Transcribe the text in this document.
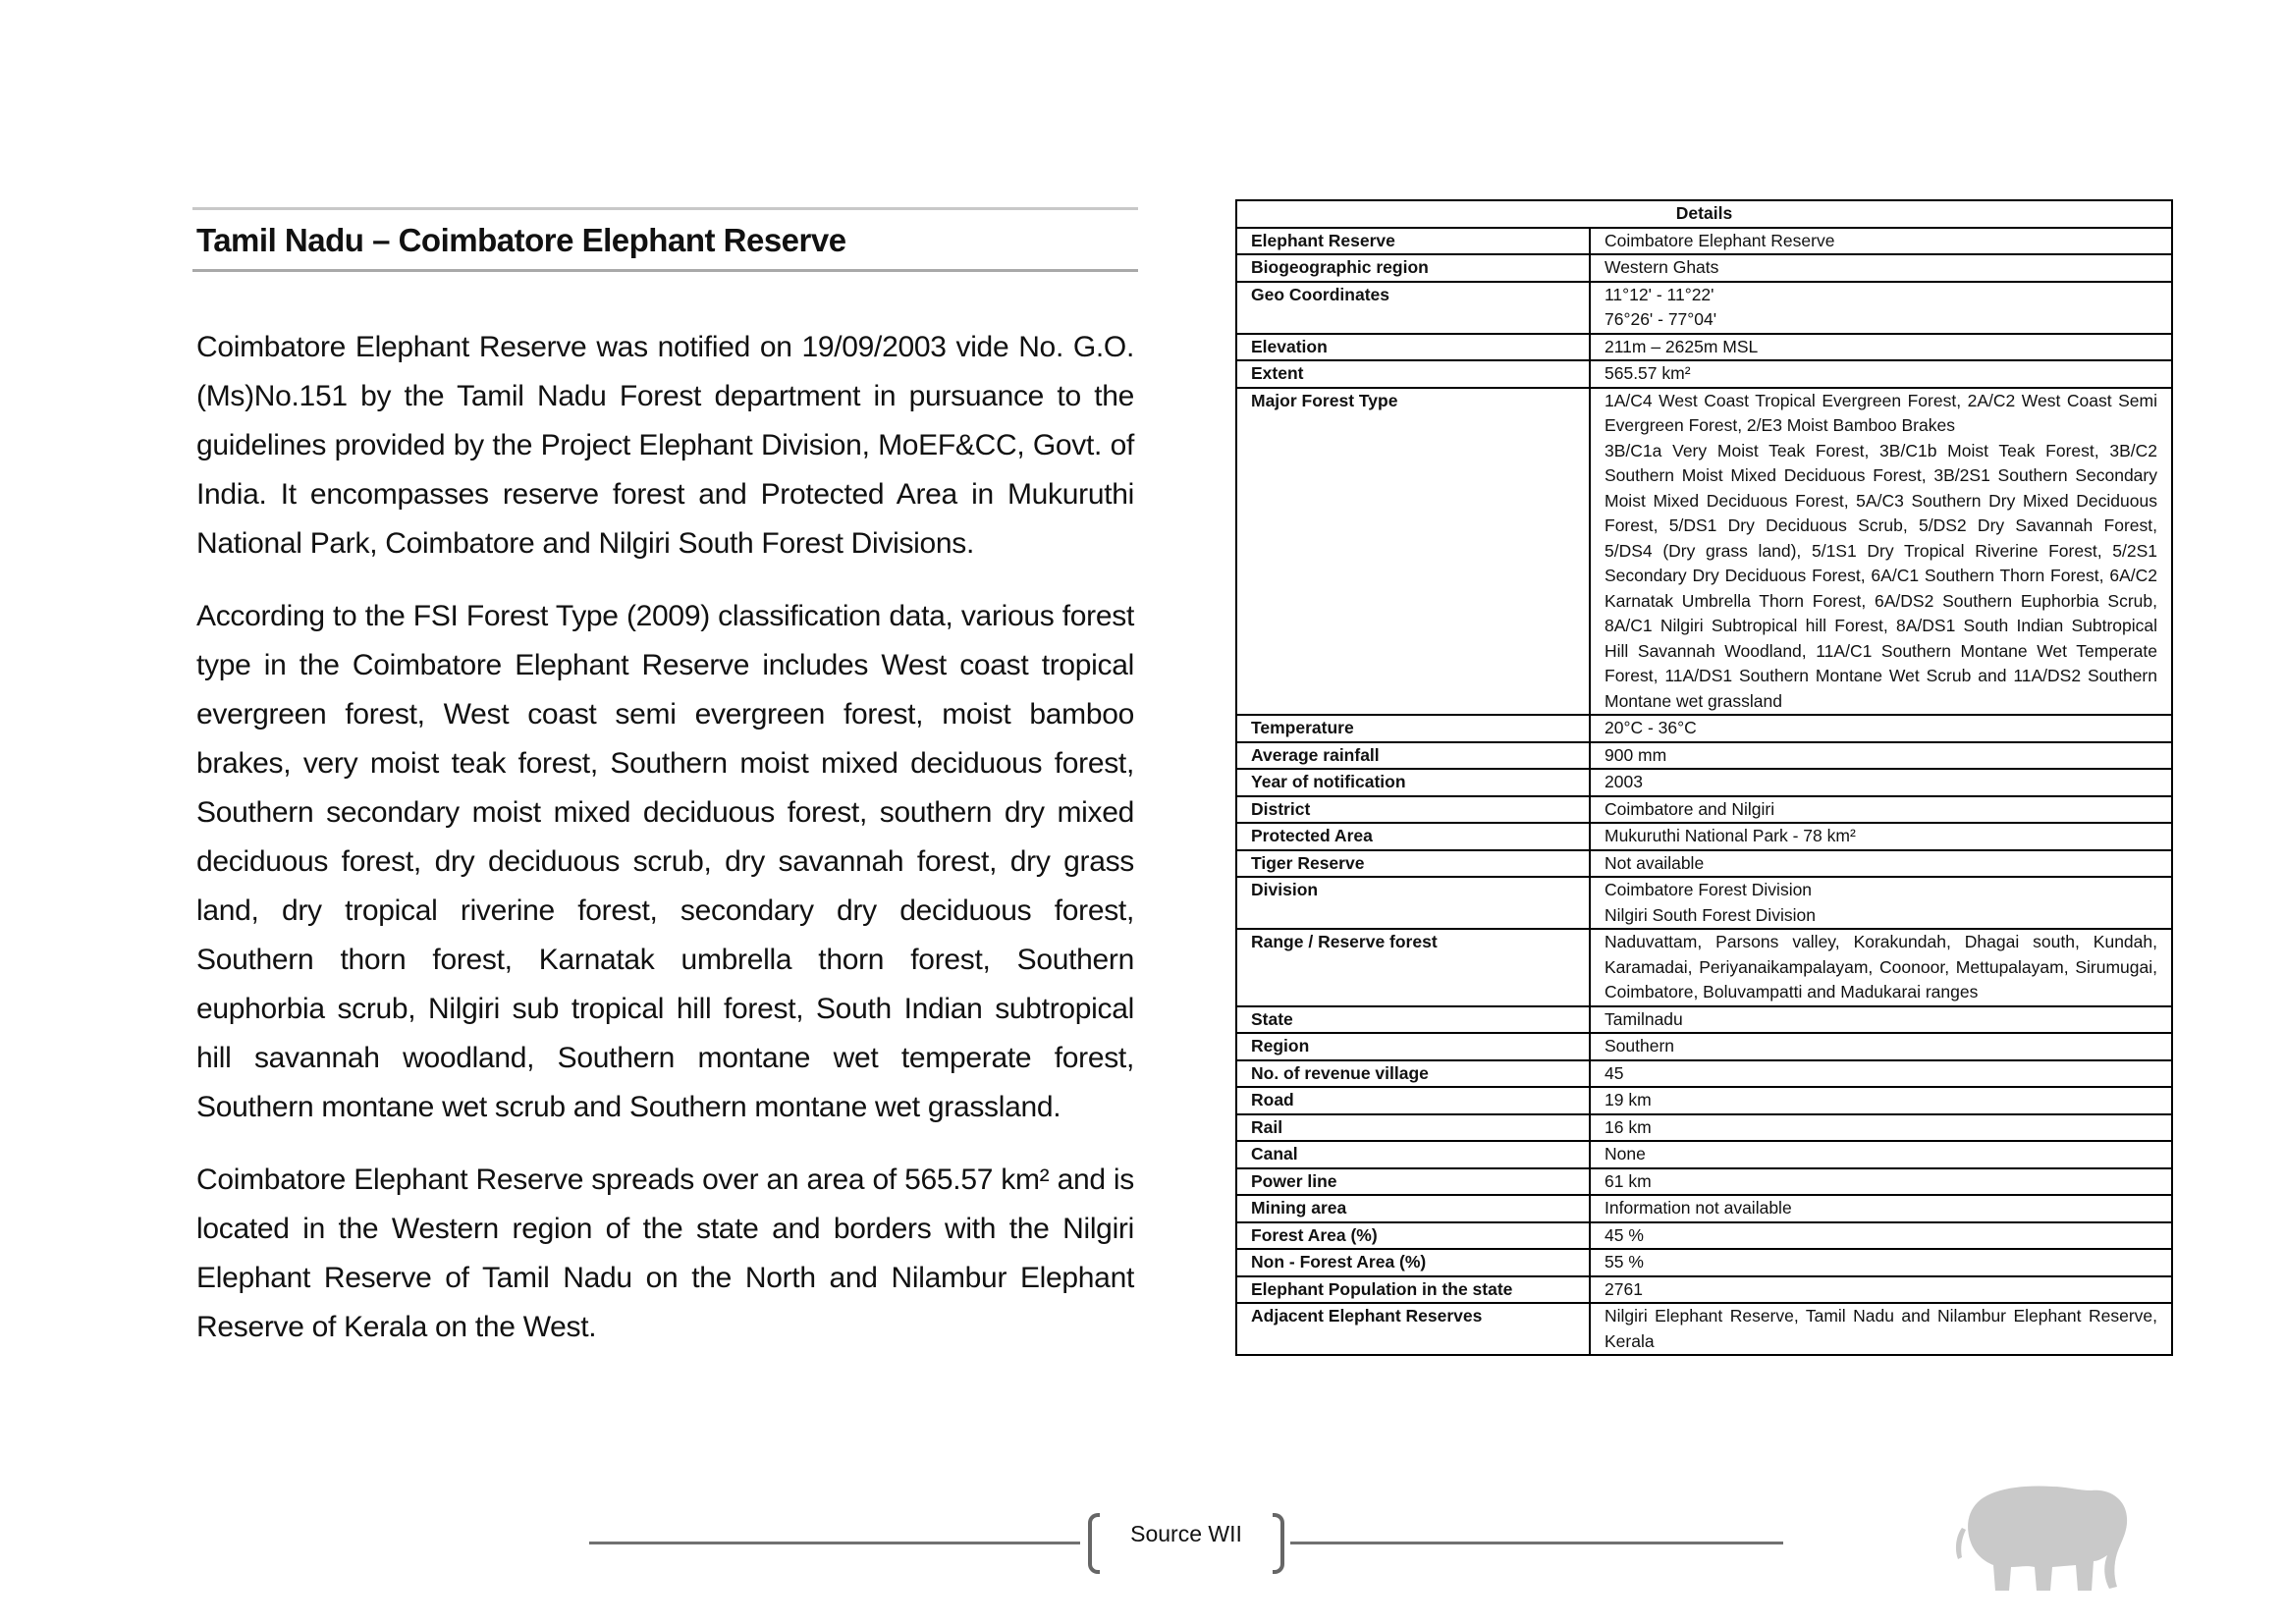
Tamil Nadu – Coimbatore Elephant Reserve

Coimbatore Elephant Reserve was notified on 19/09/2003 vide No. G.O.(Ms)No.151 by the Tamil Nadu Forest department in pursuance to the guidelines provided by the Project Elephant Division, MoEF&CC, Govt. of India. It encompasses reserve forest and Protected Area in Mukuruthi National Park, Coimbatore and Nilgiri South Forest Divisions.

According to the FSI Forest Type (2009) classification data, various forest type in the Coimbatore Elephant Reserve includes West coast tropical evergreen forest, West coast semi evergreen forest, moist bamboo brakes, very moist teak forest, Southern moist mixed deciduous forest, Southern secondary moist mixed deciduous forest, southern dry mixed deciduous forest, dry deciduous scrub, dry savannah forest, dry grass land, dry tropical riverine forest, secondary dry deciduous forest, Southern thorn forest, Karnatak umbrella thorn forest, Southern euphorbia scrub, Nilgiri sub tropical hill forest, South Indian subtropical hill savannah woodland, Southern montane wet temperate forest, Southern montane wet scrub and Southern montane wet grassland.

Coimbatore Elephant Reserve spreads over an area of 565.57 km² and is located in the Western region of the state and borders with the Nilgiri Elephant Reserve of Tamil Nadu on the North and Nilambur Elephant Reserve of Kerala on the West.

Details	
Elephant Reserve	Coimbatore Elephant Reserve

Biogeographic region	Western Ghats

Geo Coordinates	11°12' - 11°22'
76°26' - 77°04'

Elevation	211m – 2625m MSL

Extent	565.57 km²

Major Forest Type	1A/C4 West Coast Tropical Evergreen Forest, 2A/C2 West Coast Semi Evergreen Forest, 2/E3 Moist Bamboo Brakes
3B/C1a Very Moist Teak Forest, 3B/C1b Moist Teak Forest, 3B/C2 Southern Moist Mixed Deciduous Forest, 3B/2S1 Southern Secondary Moist Mixed Deciduous Forest, 5A/C3 Southern Dry Mixed Deciduous Forest, 5/DS1 Dry Deciduous Scrub, 5/DS2 Dry Savannah Forest, 5/DS4 (Dry grass land), 5/1S1 Dry Tropical Riverine Forest, 5/2S1 Secondary Dry Deciduous Forest, 6A/C1 Southern Thorn Forest, 6A/C2 Karnatak Umbrella Thorn Forest, 6A/DS2 Southern Euphorbia Scrub, 8A/C1 Nilgiri Subtropical hill Forest, 8A/DS1 South Indian Subtropical Hill Savannah Woodland, 11A/C1 Southern Montane Wet Temperate Forest, 11A/DS1 Southern Montane Wet Scrub and 11A/DS2 Southern Montane wet grassland

Temperature	20°C - 36°C

Average rainfall	900 mm

Year of notification	2003

District	Coimbatore and Nilgiri

Protected Area	Mukuruthi National Park - 78 km²

Tiger Reserve	Not available

Division	Coimbatore Forest Division
Nilgiri South Forest Division

Range / Reserve forest	Naduvattam, Parsons valley, Korakundah, Dhagai south, Kundah, Karamadai, Periyanaikampalayam, Coonoor, Mettupalayam, Sirumugai, Coimbatore, Boluvampatti and Madukarai ranges

State	Tamilnadu

Region	Southern

No. of revenue village	45

Road	19 km

Rail	16 km

Canal	None

Power line	61 km

Mining area	Information not available

Forest Area (%)	45 %

Non - Forest Area (%)	55 %

Elephant Population in the state	2761

Adjacent Elephant Reserves	Nilgiri Elephant Reserve, Tamil Nadu and Nilambur Elephant Reserve, Kerala
Source WII
